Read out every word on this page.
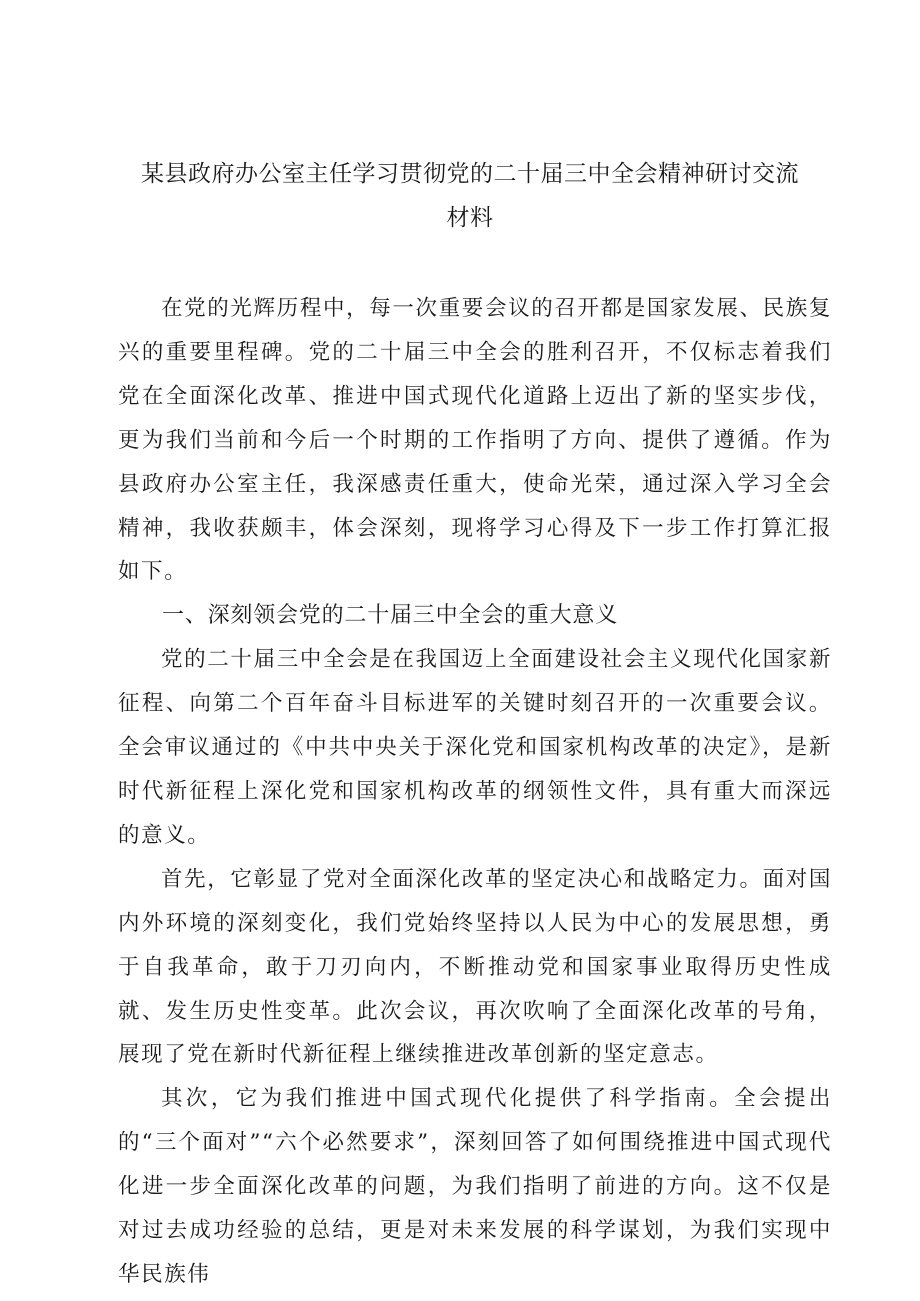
某县政府办公室主任学习贯彻党的二十届三中全会精神研讨交流
材料

在党的光辉历程中，每一次重要会议的召开都是国家发展、民族复兴的重要里程碑。党的二十届三中全会的胜利召开，不仅标志着我们党在全面深化改革、推进中国式现代化道路上迈出了新的坚实步伐，更为我们当前和今后一个时期的工作指明了方向、提供了遵循。作为县政府办公室主任，我深感责任重大，使命光荣，通过深入学习全会精神，我收获颇丰，体会深刻，现将学习心得及下一步工作打算汇报如下。

一、深刻领会党的二十届三中全会的重大意义

党的二十届三中全会是在我国迈上全面建设社会主义现代化国家新征程、向第二个百年奋斗目标进军的关键时刻召开的一次重要会议。全会审议通过的《中共中央关于深化党和国家机构改革的决定》，是新时代新征程上深化党和国家机构改革的纲领性文件，具有重大而深远的意义。

首先，它彰显了党对全面深化改革的坚定决心和战略定力。面对国内外环境的深刻变化，我们党始终坚持以人民为中心的发展思想，勇于自我革命，敢于刀刃向内，不断推动党和国家事业取得历史性成就、发生历史性变革。此次会议，再次吹响了全面深化改革的号角，展现了党在新时代新征程上继续推进改革创新的坚定意志。

其次，它为我们推进中国式现代化提供了科学指南。全会提出的“三个面对”“六个必然要求”，深刻回答了如何围绕推进中国式现代化进一步全面深化改革的问题，为我们指明了前进的方向。这不仅是对过去成功经验的总结，更是对未来发展的科学谋划，为我们实现中华民族伟
